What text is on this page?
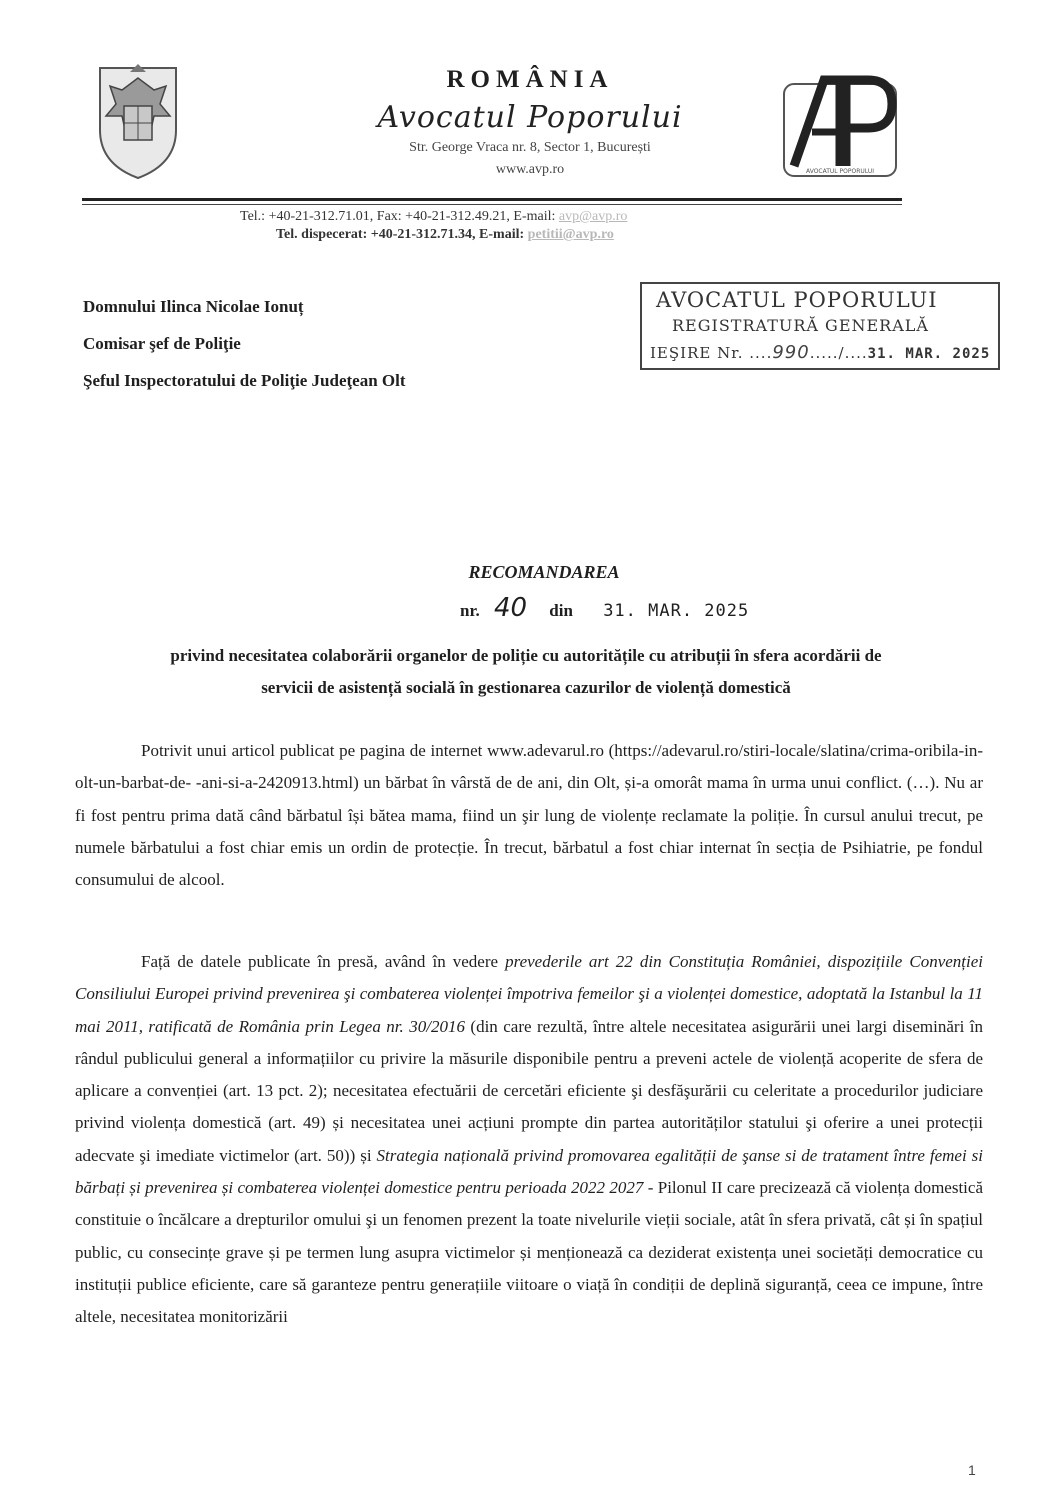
ROMÂNIA
Avocatul Poporului
Str. George Vraca nr. 8, Sector 1, București
www.avp.ro	AVOCATUL POPORULUI
Tel.: +40-21-312.71.01, Fax: +40-21-312.49.21, E-mail: avp@avp.ro
Tel. dispecerat: +40-21-312.71.34, E-mail: petitii@avp.ro
Domnului Ilinca Nicolae Ionuț
Comisar şef de Poliţie
Şeful Inspectoratului de Poliţie Judeţean Olt
AVOCATUL POPORULUI
REGISTRATURĂ GENERALĂ
IEŞIRE Nr. ....990...../....31. MAR. 2025
RECOMANDAREA
nr. 40 din 31. MAR. 2025
privind necesitatea colaborării organelor de poliție cu autoritățile cu atribuții în sfera acordării de
servicii de asistență socială în gestionarea cazurilor de violență domestică
Potrivit unui articol publicat pe pagina de internet www.adevarul.ro (https://adevarul.ro/stiri-locale/slatina/crima-oribila-in-olt-un-barbat-de- -ani-si-a-2420913.html) un bărbat în vârstă de de ani, din Olt, și-a omorât mama în urma unui conflict. (…). Nu ar fi fost pentru prima dată când bărbatul își bătea mama, fiind un şir lung de violențe reclamate la poliție. În cursul anului trecut, pe numele bărbatului a fost chiar emis un ordin de protecție. În trecut, bărbatul a fost chiar internat în secția de Psihiatrie, pe fondul consumului de alcool.
Față de datele publicate în presă, având în vedere prevederile art 22 din Constituția României, dispozițiile Convenției Consiliului Europei privind prevenirea şi combaterea violenței împotriva femeilor şi a violenței domestice, adoptată la Istanbul la 11 mai 2011, ratificată de România prin Legea nr. 30/2016 (din care rezultă, între altele necesitatea asigurării unei largi diseminări în rândul publicului general a informațiilor cu privire la măsurile disponibile pentru a preveni actele de violență acoperite de sfera de aplicare a convenției (art. 13 pct. 2); necesitatea efectuării de cercetări eficiente şi desfăşurării cu celeritate a procedurilor judiciare privind violența domestică (art. 49) și necesitatea unei acțiuni prompte din partea autorităților statului şi oferire a unei protecții adecvate şi imediate victimelor (art. 50)) și Strategia națională privind promovarea egalității de şanse si de tratament între femei si bărbați și prevenirea și combaterea violenței domestice pentru perioada 2022 2027 - Pilonul II care precizează că violența domestică constituie o încălcare a drepturilor omului şi un fenomen prezent la toate nivelurile vieții sociale, atât în sfera privată, cât și în spațiul public, cu consecințe grave și pe termen lung asupra victimelor și menționează ca deziderat existența unei societăți democratice cu instituții publice eficiente, care să garanteze pentru generațiile viitoare o viață în condiții de deplină siguranță, ceea ce impune, între altele, necesitatea monitorizării
1
